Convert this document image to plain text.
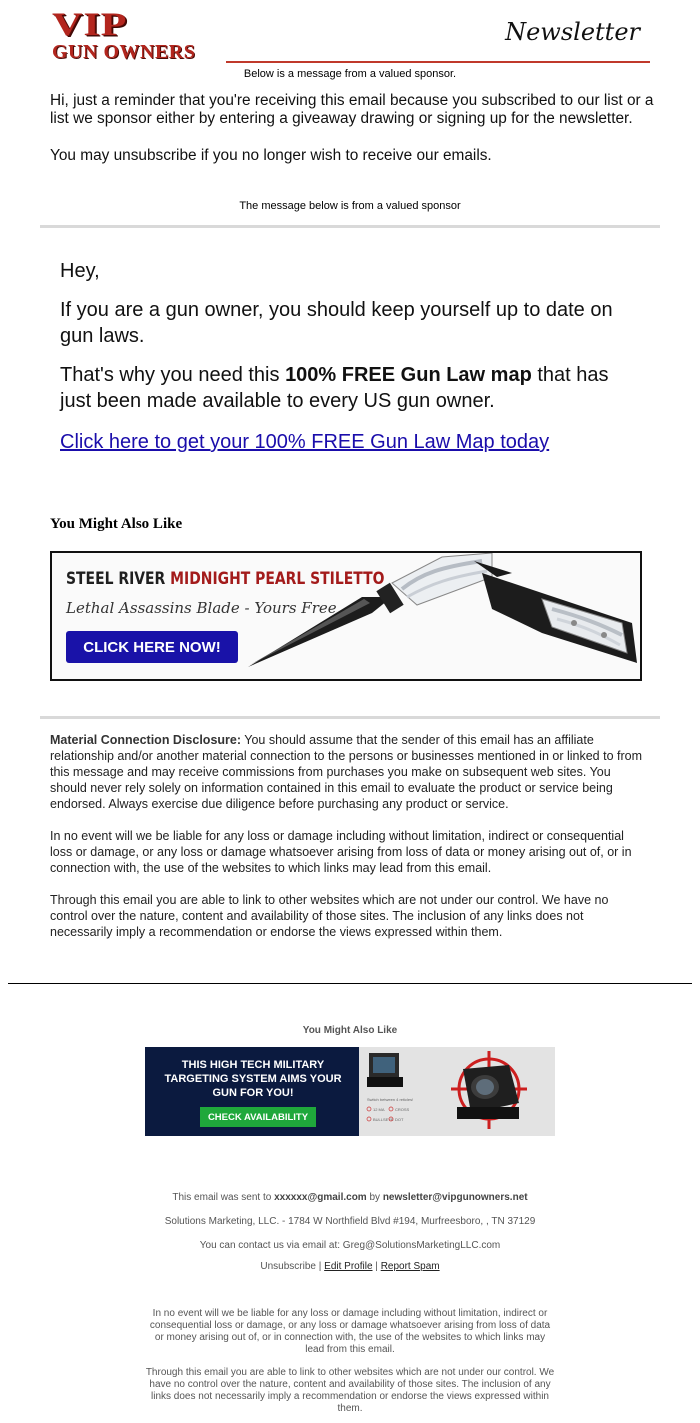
VIP
GUN OWNERS
Newsletter
Below is a message from a valued sponsor.

Hi, just a reminder that you're receiving this email because you subscribed to our list or a list we sponsor either by entering a giveaway drawing or signing up for the newsletter.

You may unsubscribe if you no longer wish to receive our emails.

The message below is from a valued sponsor

Hey,

If you are a gun owner, you should keep yourself up to date on gun laws.

That's why you need this 100% FREE Gun Law map that has just been made available to every US gun owner.

Click here to get your 100% FREE Gun Law Map today
You Might Also Like
STEEL RIVER MIDNIGHT PEARL STILETTO
Lethal Assassins Blade - Yours Free
CLICK HERE NOW!

Material Connection Disclosure: You should assume that the sender of this email has an affiliate relationship and/or another material connection to the persons or businesses mentioned in or linked to from this message and may receive commissions from purchases you make on subsequent web sites. You should never rely solely on information contained in this email to evaluate the product or service being endorsed. Always exercise due diligence before purchasing any product or service.

In no event will we be liable for any loss or damage including without limitation, indirect or consequential loss or damage, or any loss or damage whatsoever arising from loss of data or money arising out of, or in connection with, the use of the websites to which links may lead from this email.

Through this email you are able to link to other websites which are not under our control. We have no control over the nature, content and availability of those sites. The inclusion of any links does not necessarily imply a recommendation or endorse the views expressed within them.

You Might Also Like
THIS HIGH TECH MILITARY TARGETING SYSTEM AIMS YOUR GUN FOR YOU!
CHECK AVAILABILITY
Switch between 4 reticles!
12 MA	CROSS
BULLSEYE DOT
This email was sent to xxxxxx@gmail.com by newsletter@vipgunowners.net
Solutions Marketing, LLC. - 1784 W Northfield Blvd #194, Murfreesboro, , TN 37129
You can contact us via email at: Greg@SolutionsMarketingLLC.com
Unsubscribe | Edit Profile | Report Spam
In no event will we be liable for any loss or damage including without limitation, indirect or consequential loss or damage, or any loss or damage whatsoever arising from loss of data or money arising out of, or in connection with, the use of the websites to which links may lead from this email.
Through this email you are able to link to other websites which are not under our control. We have no control over the nature, content and availability of those sites. The inclusion of any links does not necessarily imply a recommendation or endorse the views expressed within them.
